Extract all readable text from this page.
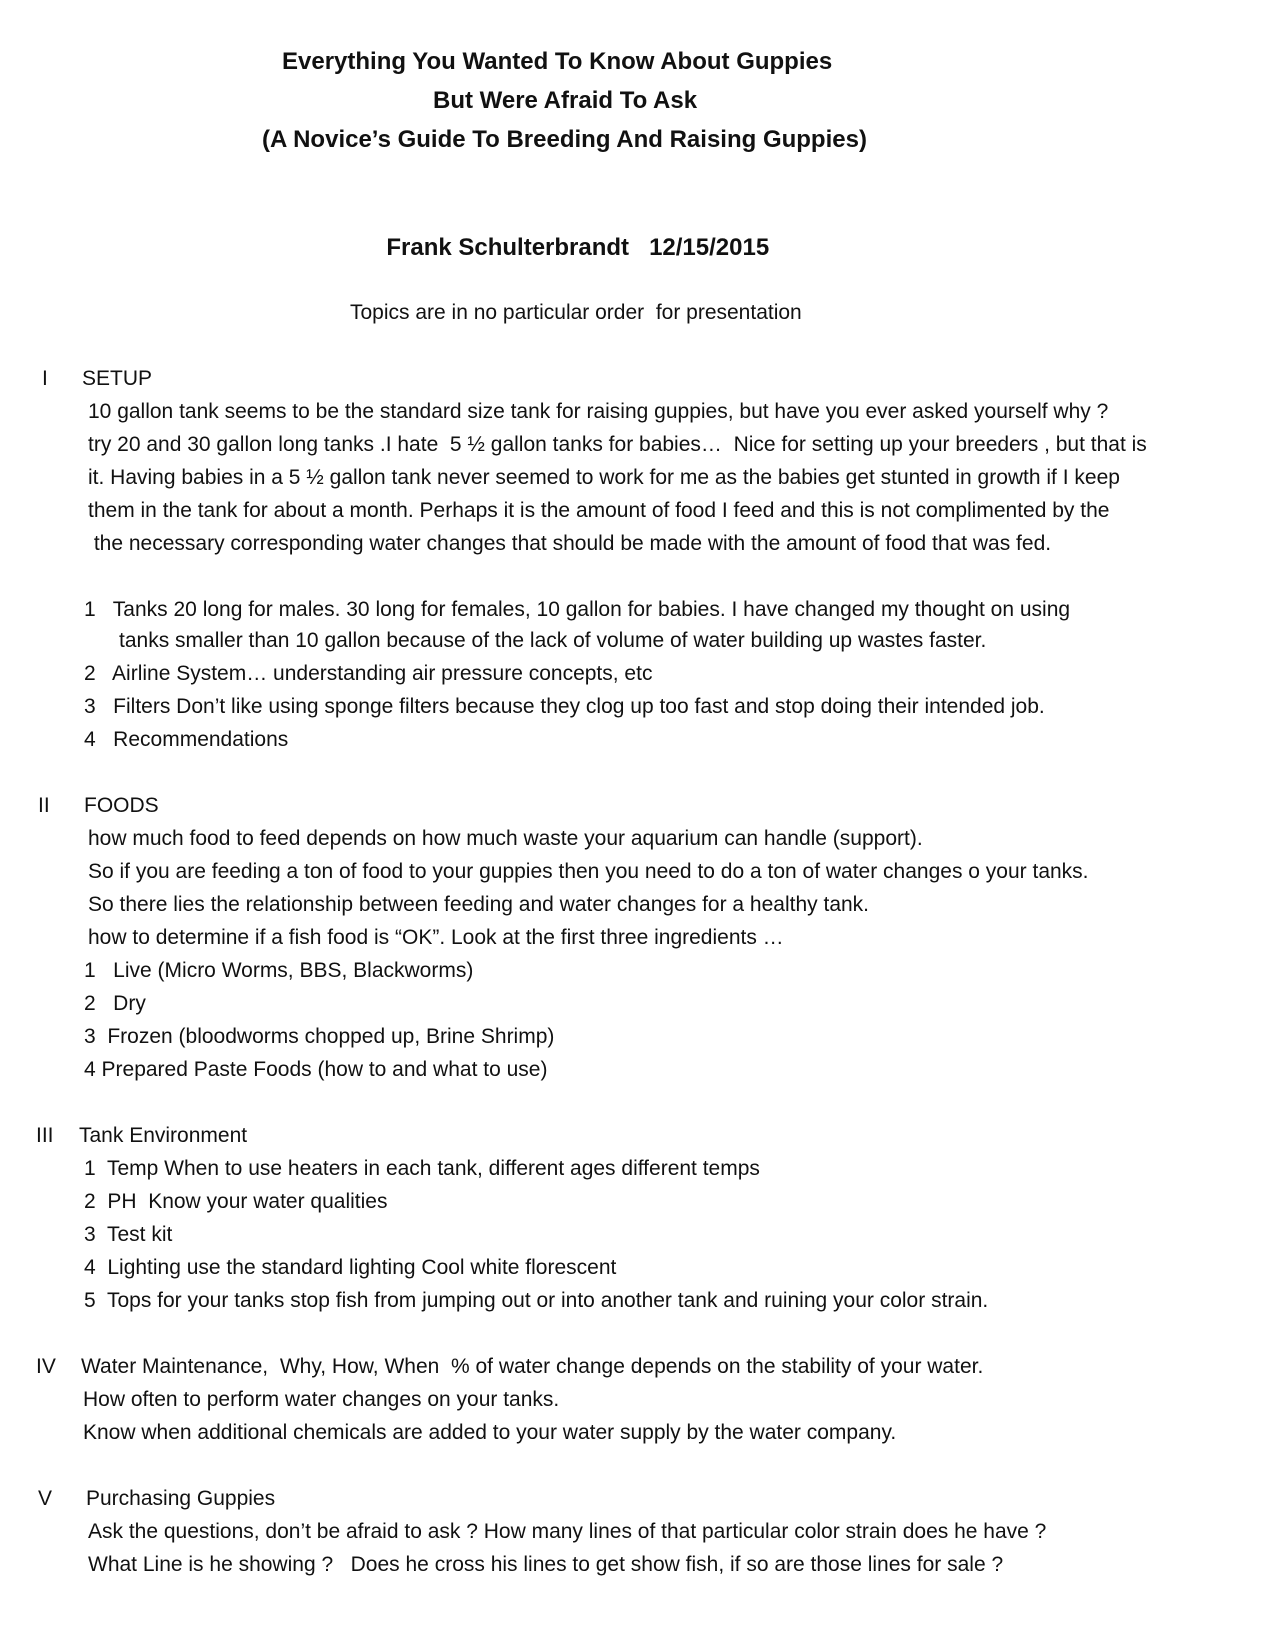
Everything You Wanted To Know About Guppies
But Were Afraid To Ask
(A Novice’s Guide To Breeding And Raising Guppies)

Frank Schulterbrandt 12/15/2015

Topics are in no particular order  for presentation
I SETUP
10 gallon tank seems to be the standard size tank for raising guppies, but have you ever asked yourself why ?
try 20 and 30 gallon long tanks .I hate  5 ½ gallon tanks for babies…  Nice for setting up your breeders , but that is
it. Having babies in a 5 ½ gallon tank never seemed to work for me as the babies get stunted in growth if I keep
them in the tank for about a month. Perhaps it is the amount of food I feed and this is not complimented by the
the necessary corresponding water changes that should be made with the amount of food that was fed.
1   Tanks 20 long for males. 30 long for females, 10 gallon for babies. I have changed my thought on using
tanks smaller than 10 gallon because of the lack of volume of water building up wastes faster.
2   Airline System… understanding air pressure concepts, etc
3   Filters Don’t like using sponge filters because they clog up too fast and stop doing their intended job.
4   Recommendations
II FOODS
how much food to feed depends on how much waste your aquarium can handle (support).
So if you are feeding a ton of food to your guppies then you need to do a ton of water changes o your tanks.
So there lies the relationship between feeding and water changes for a healthy tank.
how to determine if a fish food is “OK”. Look at the first three ingredients …
1   Live (Micro Worms, BBS, Blackworms)
2   Dry
3  Frozen (bloodworms chopped up, Brine Shrimp)
4 Prepared Paste Foods (how to and what to use)
III Tank Environment
1  Temp When to use heaters in each tank, different ages different temps
2  PH  Know your water qualities
3  Test kit
4  Lighting use the standard lighting Cool white florescent
5  Tops for your tanks stop fish from jumping out or into another tank and ruining your color strain.
IV Water Maintenance,  Why, How, When  % of water change depends on the stability of your water.
How often to perform water changes on your tanks.
Know when additional chemicals are added to your water supply by the water company.
V Purchasing Guppies
Ask the questions, don’t be afraid to ask ? How many lines of that particular color strain does he have ?
What Line is he showing ?   Does he cross his lines to get show fish, if so are those lines for sale ?
